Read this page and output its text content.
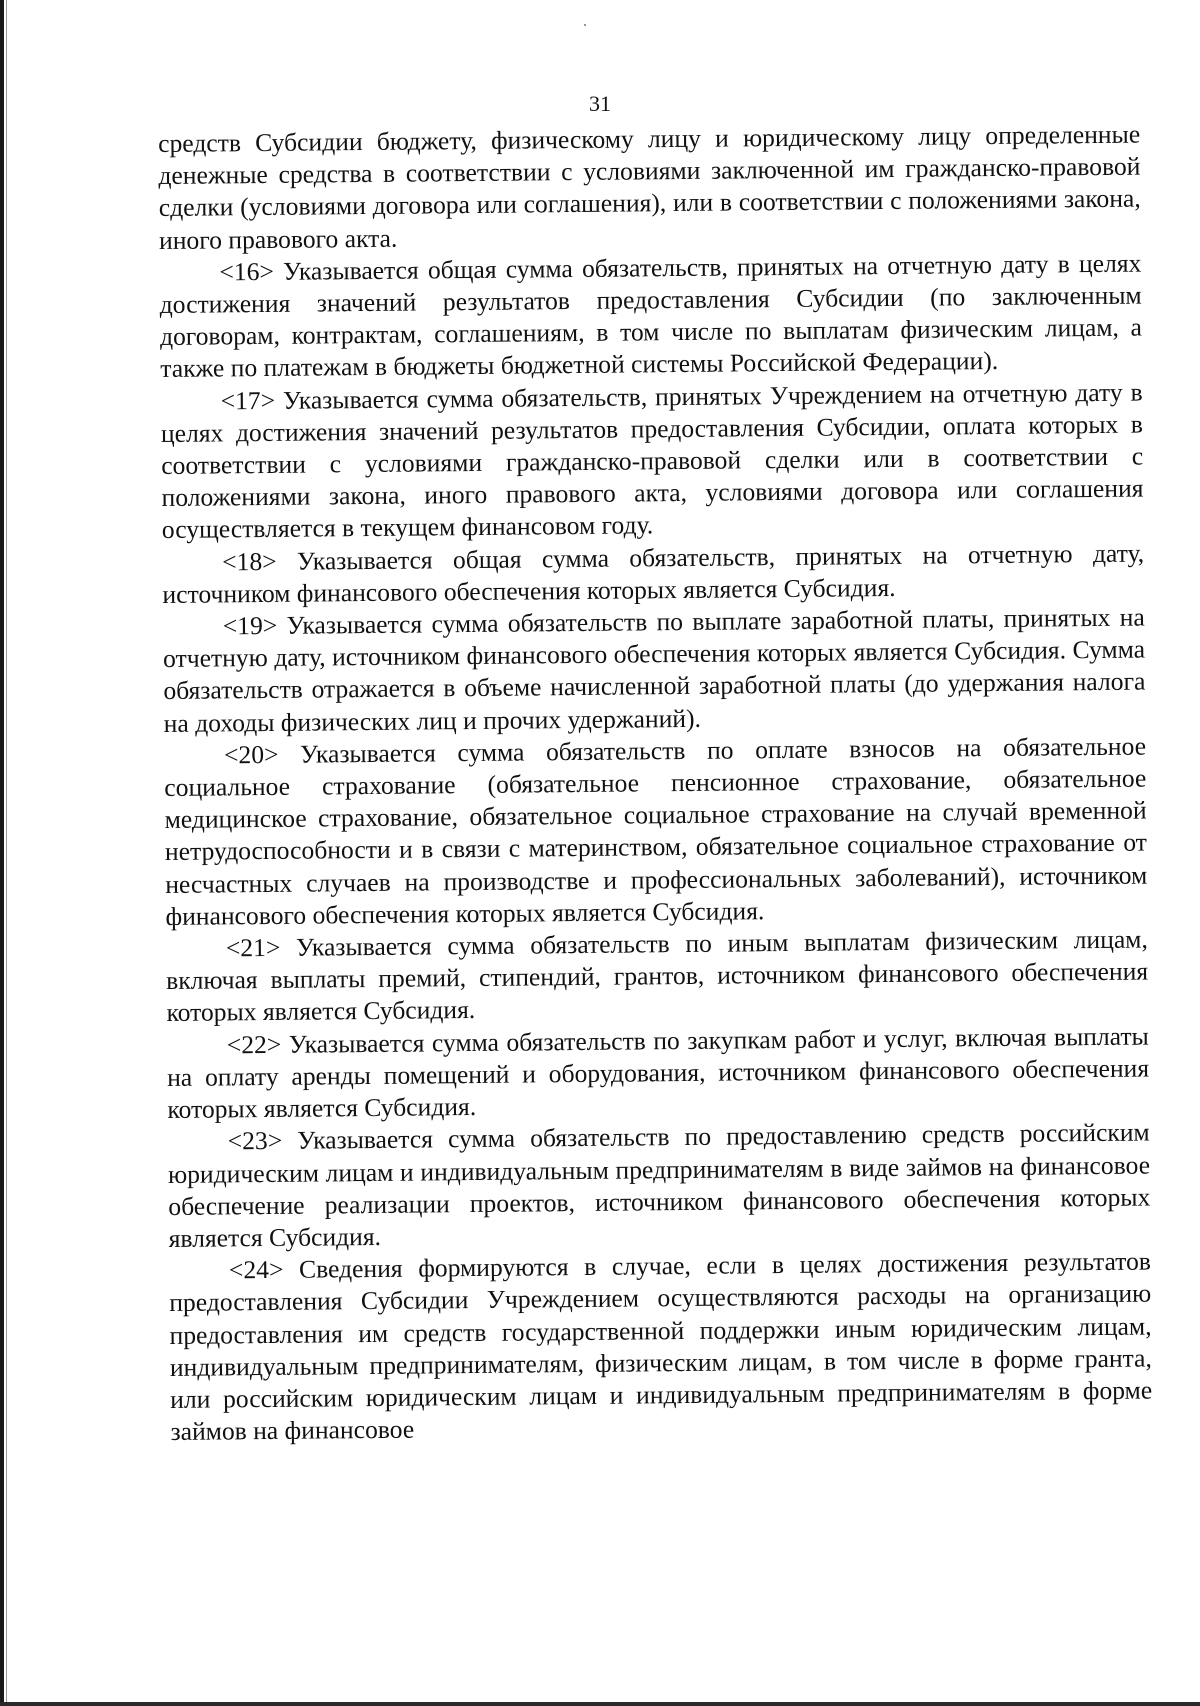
31

средств Субсидии бюджету, физическому лицу и юридическому лицу определенные денежные средства в соответствии с условиями заключенной им гражданско-правовой сделки (условиями договора или соглашения), или в соответствии с положениями закона, иного правового акта.

<16> Указывается общая сумма обязательств, принятых на отчетную дату в целях достижения значений результатов предоставления Субсидии (по заключенным договорам, контрактам, соглашениям, в том числе по выплатам физическим лицам, а также по платежам в бюджеты бюджетной системы Российской Федерации).

<17> Указывается сумма обязательств, принятых Учреждением на отчетную дату в целях достижения значений результатов предоставления Субсидии, оплата которых в соответствии с условиями гражданско-правовой сделки или в соответствии с положениями закона, иного правового акта, условиями договора или соглашения осуществляется в текущем финансовом году.

<18> Указывается общая сумма обязательств, принятых на отчетную дату, источником финансового обеспечения которых является Субсидия.

<19> Указывается сумма обязательств по выплате заработной платы, принятых на отчетную дату, источником финансового обеспечения которых является Субсидия. Сумма обязательств отражается в объеме начисленной заработной платы (до удержания налога на доходы физических лиц и прочих удержаний).

<20> Указывается сумма обязательств по оплате взносов на обязательное социальное страхование (обязательное пенсионное страхование, обязательное медицинское страхование, обязательное социальное страхование на случай временной нетрудоспособности и в связи с материнством, обязательное социальное страхование от несчастных случаев на производстве и профессиональных заболеваний), источником финансового обеспечения которых является Субсидия.

<21> Указывается сумма обязательств по иным выплатам физическим лицам, включая выплаты премий, стипендий, грантов, источником финансового обеспечения которых является Субсидия.

<22> Указывается сумма обязательств по закупкам работ и услуг, включая выплаты на оплату аренды помещений и оборудования, источником финансового обеспечения которых является Субсидия.

<23> Указывается сумма обязательств по предоставлению средств российским юридическим лицам и индивидуальным предпринимателям в виде займов на финансовое обеспечение реализации проектов, источником финансового обеспечения которых является Субсидия.

<24> Сведения формируются в случае, если в целях достижения результатов предоставления Субсидии Учреждением осуществляются расходы на организацию предоставления им средств государственной поддержки иным юридическим лицам, индивидуальным предпринимателям, физическим лицам, в том числе в форме гранта, или российским юридическим лицам и индивидуальным предпринимателям в форме займов на финансовое
